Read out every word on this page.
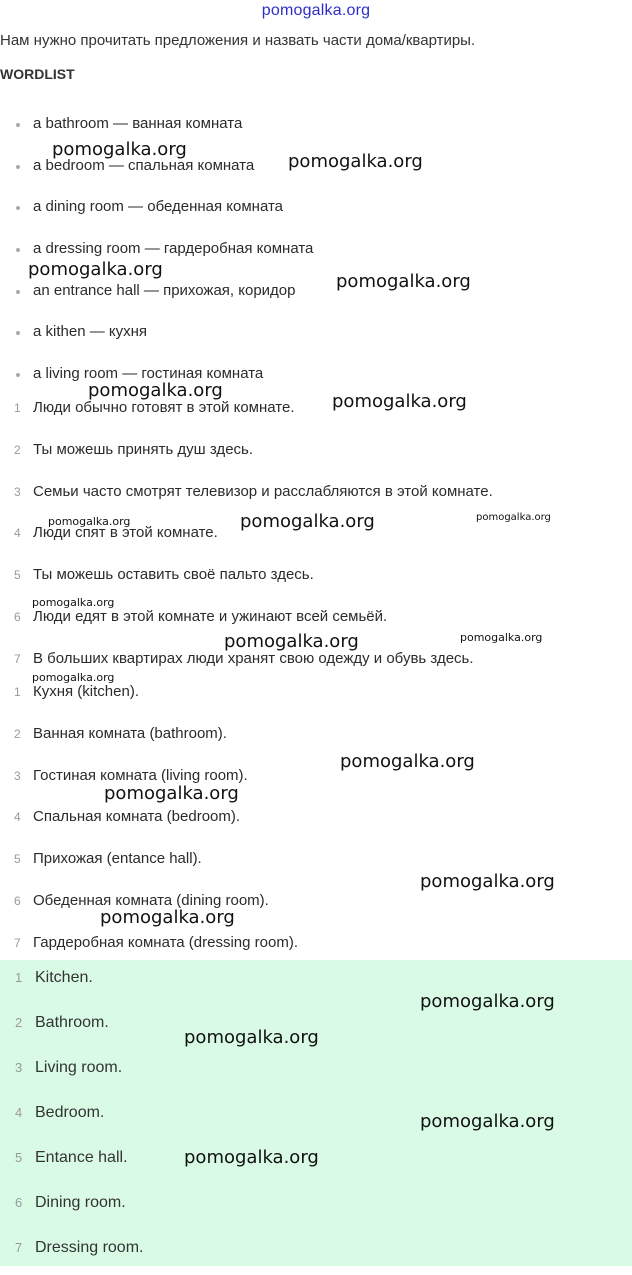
pomogalka.org
Нам нужно прочитать предложения и назвать части дома/квартиры.
WORDLIST
a bathroom — ванная комната
a bedroom — спальная комната
a dining room — обеденная комната
a dressing room — гардеробная комната
an entrance hall — прихожая, коридор
a kithen — кухня
a living room — гостиная комната
1 Люди обычно готовят в этой комнате.
2 Ты можешь принять душ здесь.
3 Семьи часто смотрят телевизор и расслабляются в этой комнате.
4 Люди спят в этой комнате.
5 Ты можешь оставить своё пальто здесь.
6 Люди едят в этой комнате и ужинают всей семьёй.
7 В больших квартирах люди хранят свою одежду и обувь здесь.
1 Кухня (kitchen).
2 Ванная комната (bathroom).
3 Гостиная комната (living room).
4 Спальная комната (bedroom).
5 Прихожая (entance hall).
6 Обеденная комната (dining room).
7 Гардеробная комната (dressing room).
1 Kitchen.
2 Bathroom.
3 Living room.
4 Bedroom.
5 Entance hall.
6 Dining room.
7 Dressing room.
pomogalka.org
pomogalka.org
pomogalka.org
pomogalka.org
pomogalka.org
pomogalka.org
pomogalka.org	pomogalka.org	pomogalka.org
pomogalka.org
pomogalka.org	pomogalka.org
pomogalka.org
pomogalka.org
pomogalka.org
pomogalka.org
pomogalka.org
pomogalka.org
pomogalka.org
pomogalka.org
pomogalka.org
